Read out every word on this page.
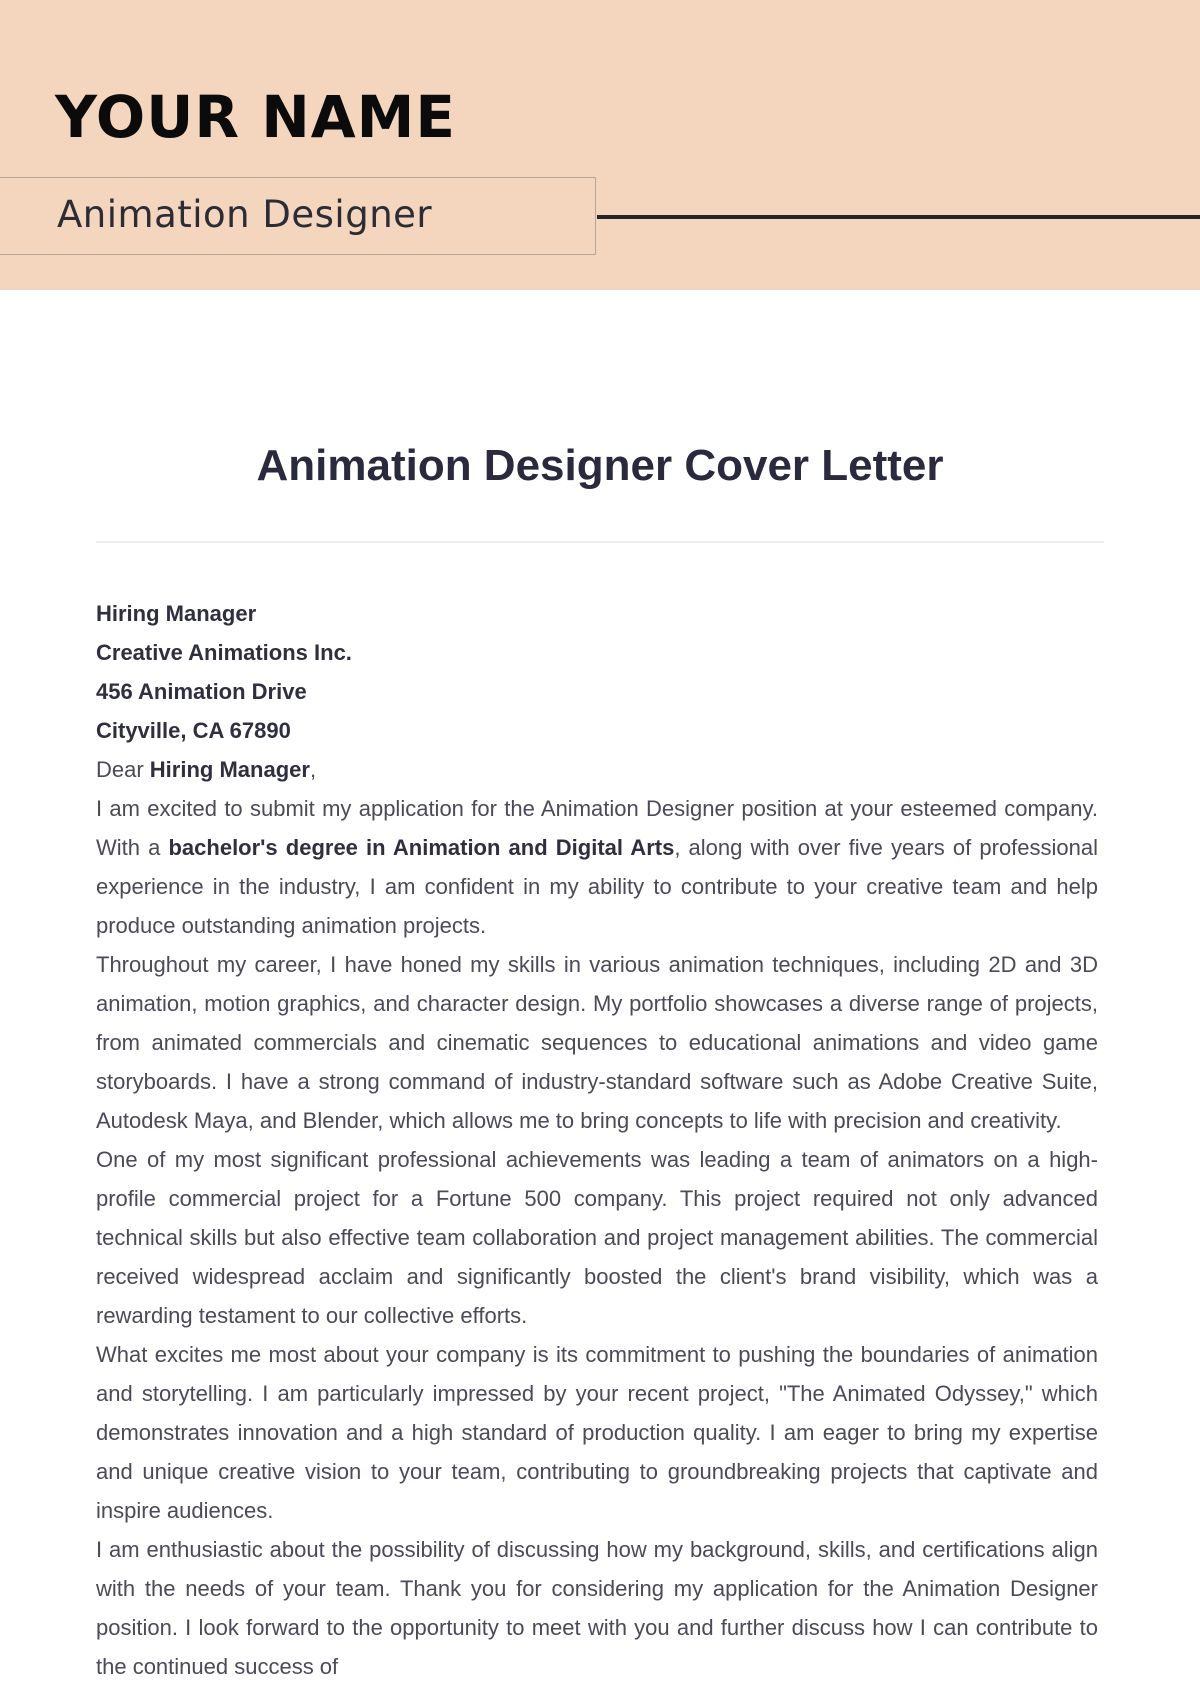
YOUR NAME
Animation Designer
Animation Designer Cover Letter

Hiring Manager

Creative Animations Inc.

456 Animation Drive

Cityville, CA 67890

Dear Hiring Manager,

I am excited to submit my application for the Animation Designer position at your esteemed company. With a bachelor's degree in Animation and Digital Arts, along with over five years of professional experience in the industry, I am confident in my ability to contribute to your creative team and help produce outstanding animation projects.

Throughout my career, I have honed my skills in various animation techniques, including 2D and 3D animation, motion graphics, and character design. My portfolio showcases a diverse range of projects, from animated commercials and cinematic sequences to educational animations and video game storyboards. I have a strong command of industry-standard software such as Adobe Creative Suite, Autodesk Maya, and Blender, which allows me to bring concepts to life with precision and creativity.

One of my most significant professional achievements was leading a team of animators on a high-profile commercial project for a Fortune 500 company. This project required not only advanced technical skills but also effective team collaboration and project management abilities. The commercial received widespread acclaim and significantly boosted the client's brand visibility, which was a rewarding testament to our collective efforts.

What excites me most about your company is its commitment to pushing the boundaries of animation and storytelling. I am particularly impressed by your recent project, "The Animated Odyssey," which demonstrates innovation and a high standard of production quality. I am eager to bring my expertise and unique creative vision to your team, contributing to groundbreaking projects that captivate and inspire audiences.

I am enthusiastic about the possibility of discussing how my background, skills, and certifications align with the needs of your team. Thank you for considering my application for the Animation Designer position. I look forward to the opportunity to meet with you and further discuss how I can contribute to the continued success of
